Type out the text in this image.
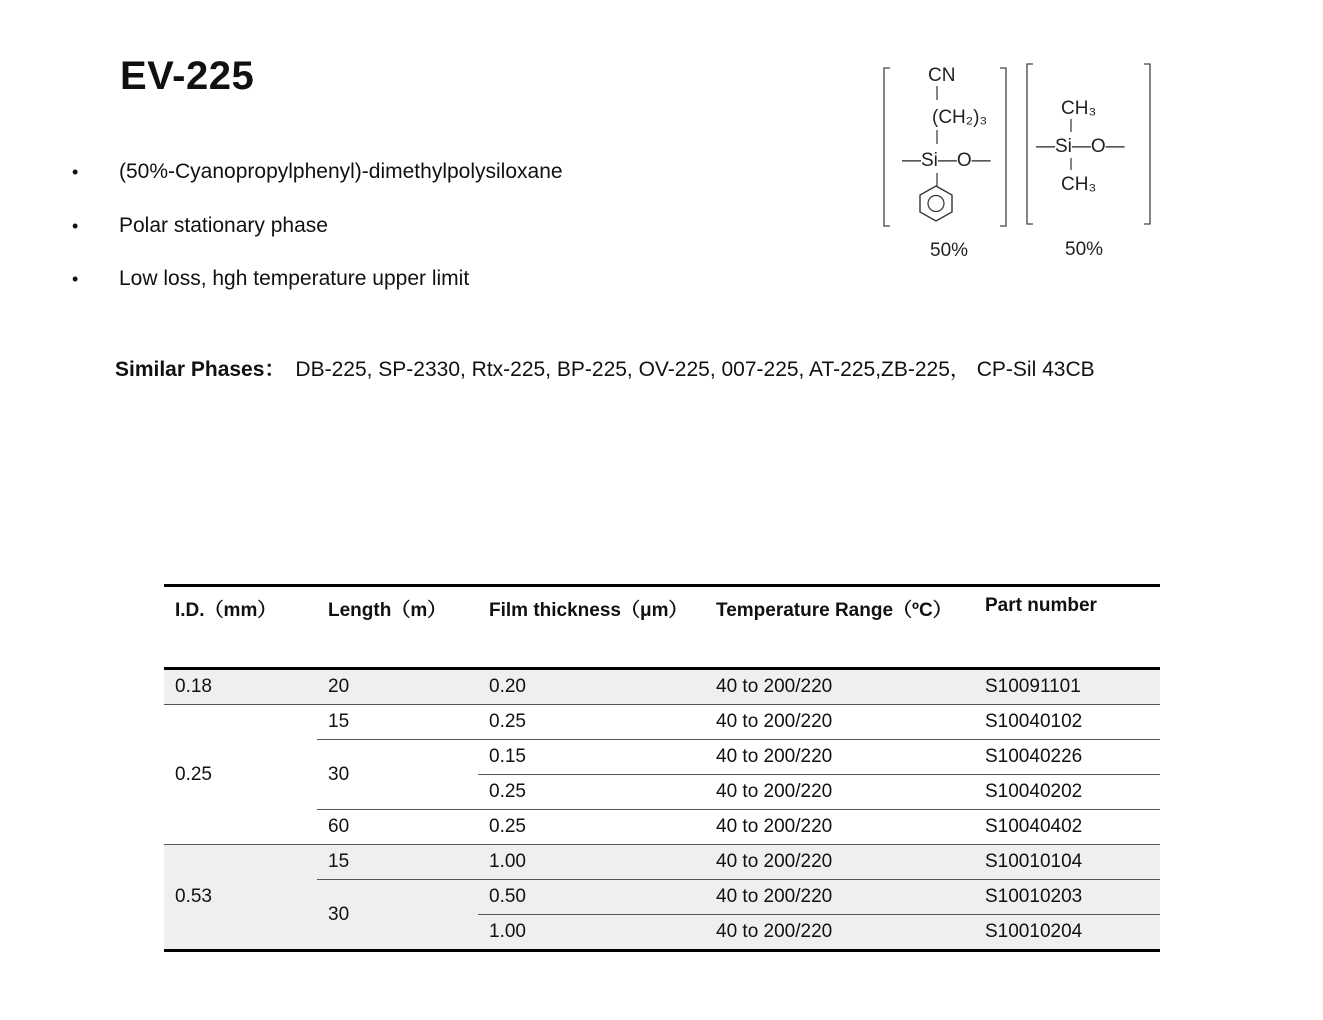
EV-225
•	(50%-Cyanopropylphenyl)-dimethylpolysiloxane
•	Polar stationary phase
•	Low loss, hgh temperature upper limit
CN
(CH₂)₃
—Si—O—
50%
CH₃
—Si—O—
CH₃
50%
Similar Phases： DB-225, SP-2330, Rtx-225, BP-225, OV-225, 007-225, AT-225,ZB-225， CP-Sil 43CB
I.D.（mm）	Length（m）	Film thickness（μm）	Temperature Range（ºC）	Part number
0.18	20	0.20	40 to 200/220	S10091101
0.25	15	0.25	40 to 200/220	S10040102
	30	0.15	40 to 200/220	S10040226
		0.25	40 to 200/220	S10040202
	60	0.25	40 to 200/220	S10040402
0.53	15	1.00	40 to 200/220	S10010104
	30	0.50	40 to 200/220	S10010203
		1.00	40 to 200/220	S10010204
